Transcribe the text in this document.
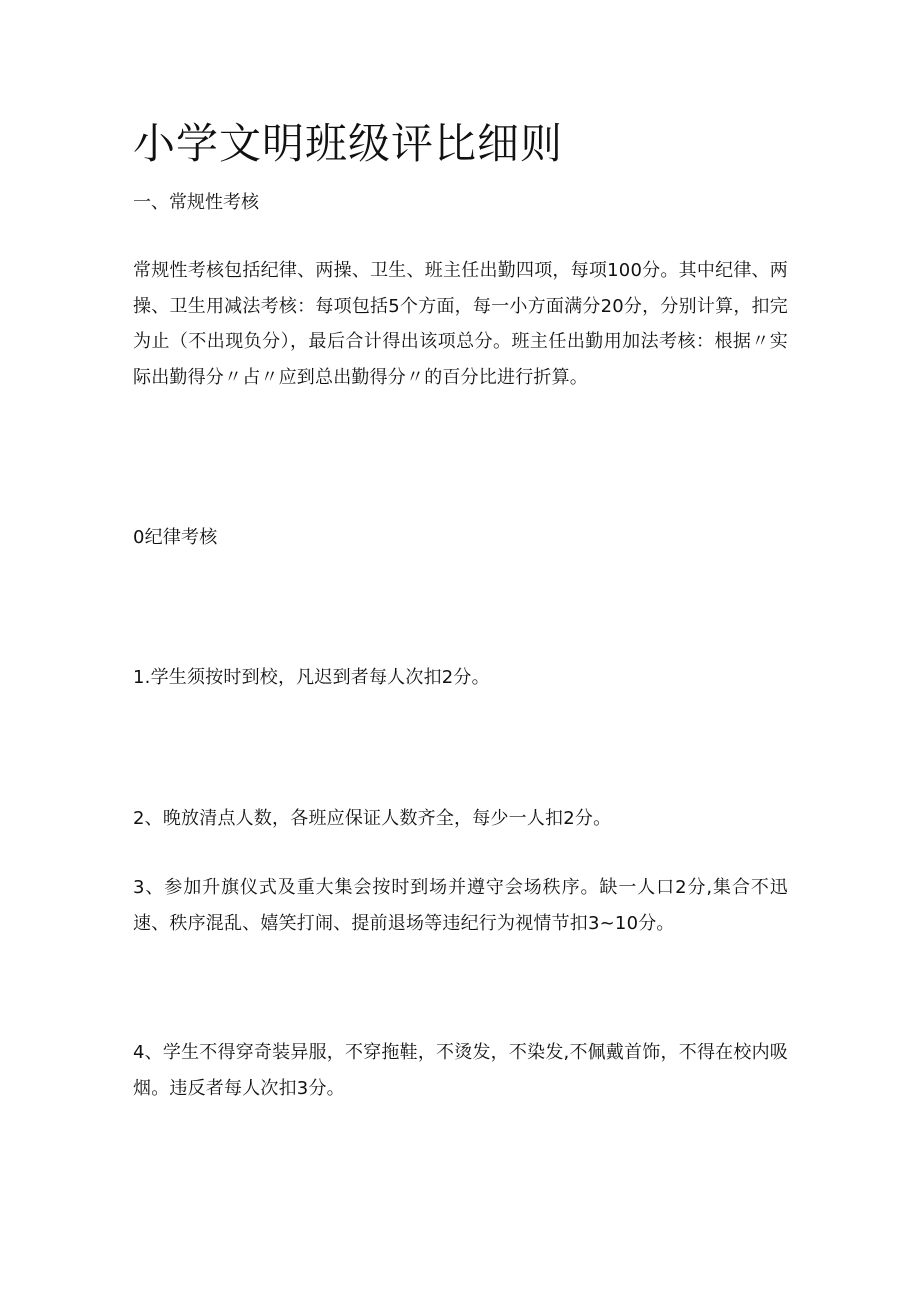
小学文明班级评比细则
一、常规性考核

常规性考核包括纪律、两操、卫生、班主任出勤四项，每项100分。其中纪律、两操、卫生用减法考核：每项包括5个方面，每一小方面满分20分，分别计算，扣完为止（不出现负分），最后合计得出该项总分。班主任出勤用加法考核：根据〃实际出勤得分〃占〃应到总出勤得分〃的百分比进行折算。

0纪律考核

1.学生须按时到校，凡迟到者每人次扣2分。

2、晚放清点人数，各班应保证人数齐全，每少一人扣2分。

3、参加升旗仪式及重大集会按时到场并遵守会场秩序。缺一人口2分,集合不迅速、秩序混乱、嬉笑打闹、提前退场等违纪行为视情节扣3~10分。

4、学生不得穿奇装异服，不穿拖鞋，不烫发，不染发,不佩戴首饰，不得在校内吸烟。违反者每人次扣3分。
